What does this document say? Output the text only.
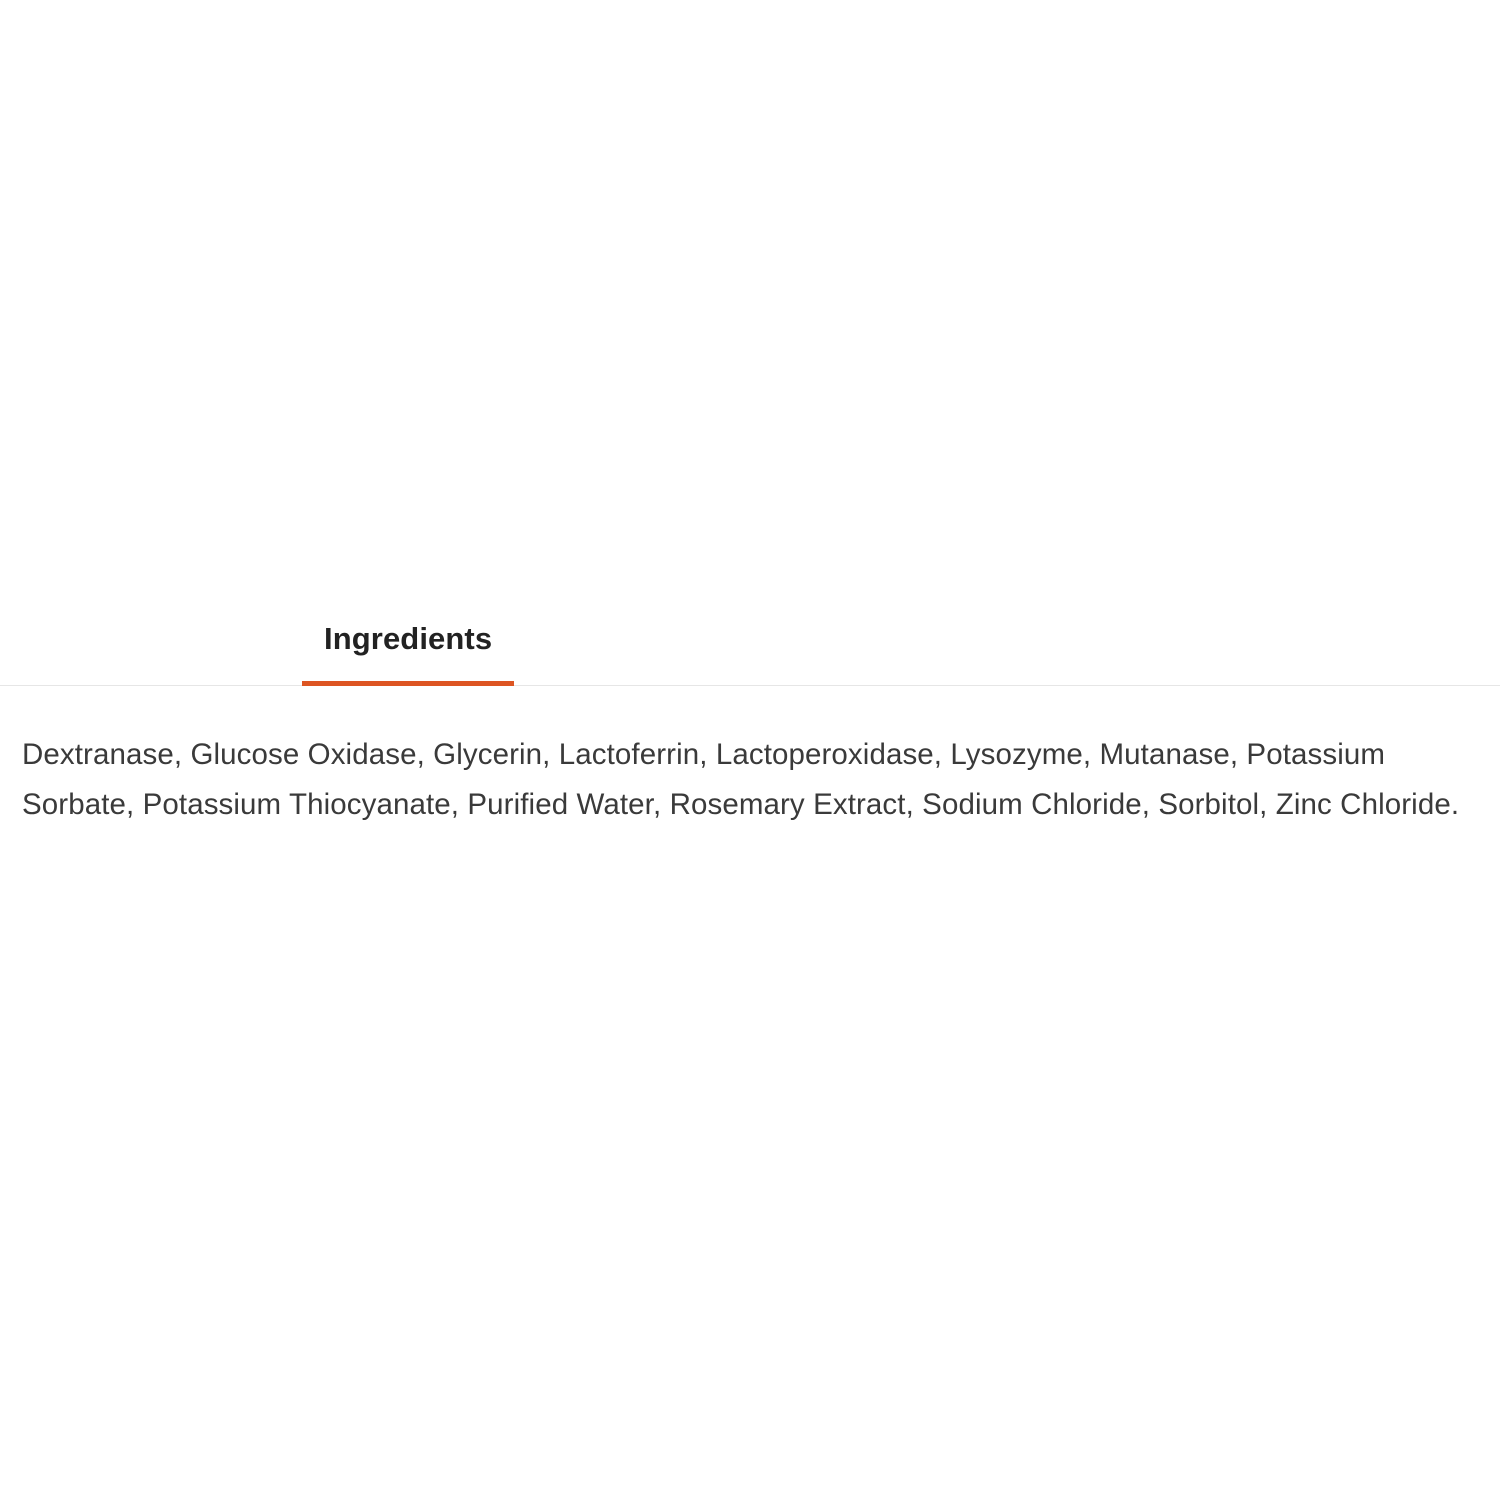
Ingredients

Dextranase, Glucose Oxidase, Glycerin, Lactoferrin, Lactoperoxidase, Lysozyme, Mutanase, Potassium Sorbate, Potassium Thiocyanate, Purified Water, Rosemary Extract, Sodium Chloride, Sorbitol, Zinc Chloride.
